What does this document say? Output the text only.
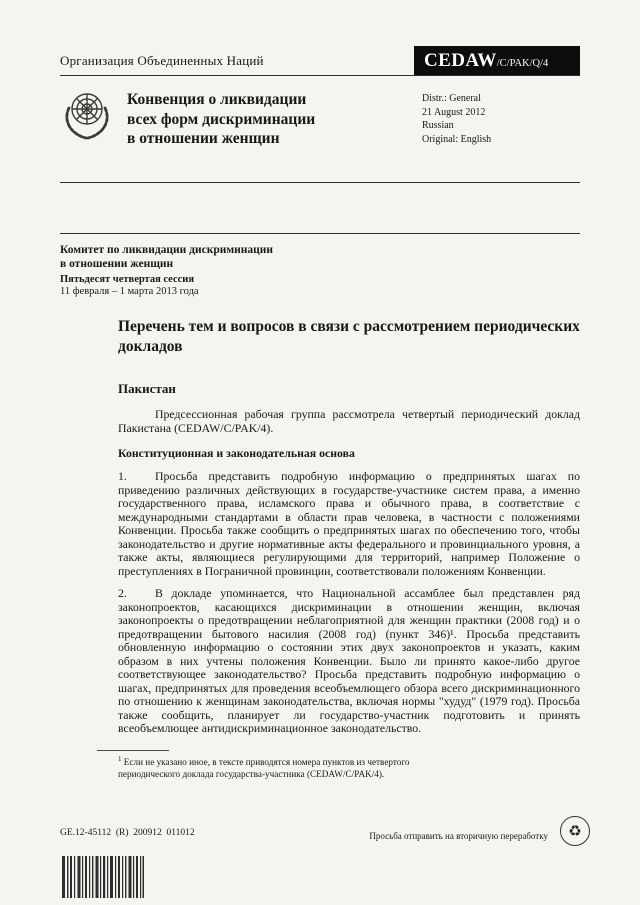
Организация Объединенных Наций	CEDAW /C/PAK/Q/4
Конвенция о ликвидации
всех форм дискриминации
в отношении женщин
Distr.: General
21 August 2012
Russian
Original: English
Комитет по ликвидации дискриминации
в отношении женщин
Пятьдесят четвертая сессия
11 февраля – 1 марта 2013 года
Перечень тем и вопросов в связи с рассмотрением периодических докладов
Пакистан

Предсессионная рабочая группа рассмотрела четвертый периодический доклад Пакистана (CEDAW/C/PAK/4).

Конституционная и законодательная основа

1. Просьба представить подробную информацию о предпринятых шагах по приведению различных действующих в государстве-участнике систем права, а именно государственного права, исламского права и обычного права, в соответствие с международными стандартами в области прав человека, в частности с положениями Конвенции. Просьба также сообщить о предпринятых шагах по обеспечению того, чтобы законодательство и другие нормативные акты федерального и провинциального уровня, а также акты, являющиеся регулирующими для территорий, например Положение о преступлениях в Пограничной провинции, соответствовали положениям Конвенции.

2. В докладе упоминается, что Национальной ассамблее был представлен ряд законопроектов, касающихся дискриминации в отношении женщин, включая законопроекты о предотвращении неблагоприятной для женщин практики (2008 год) и о предотвращении бытового насилия (2008 год) (пункт 346)¹. Просьба представить обновленную информацию о состоянии этих двух законопроектов и указать, каким образом в них учтены положения Конвенции. Было ли принято какое-либо другое соответствующее законодательство? Просьба представить подробную информацию о шагах, предпринятых для проведения всеобъемлющего обзора всего дискриминационного по отношению к женщинам законодательства, включая нормы "худуд" (1979 год). Просьба также сообщить, планирует ли государство-участник подготовить и принять всеобъемлющее антидискриминационное законодательство.

$^1$ Если не указано иное, в тексте приводятся номера пунктов из четвертого периодического доклада государства-участника (CEDAW/C/PAK/4).

GE.12-45112  (R)  200912  011012	Просьба отправить на вторичную переработку	♻
